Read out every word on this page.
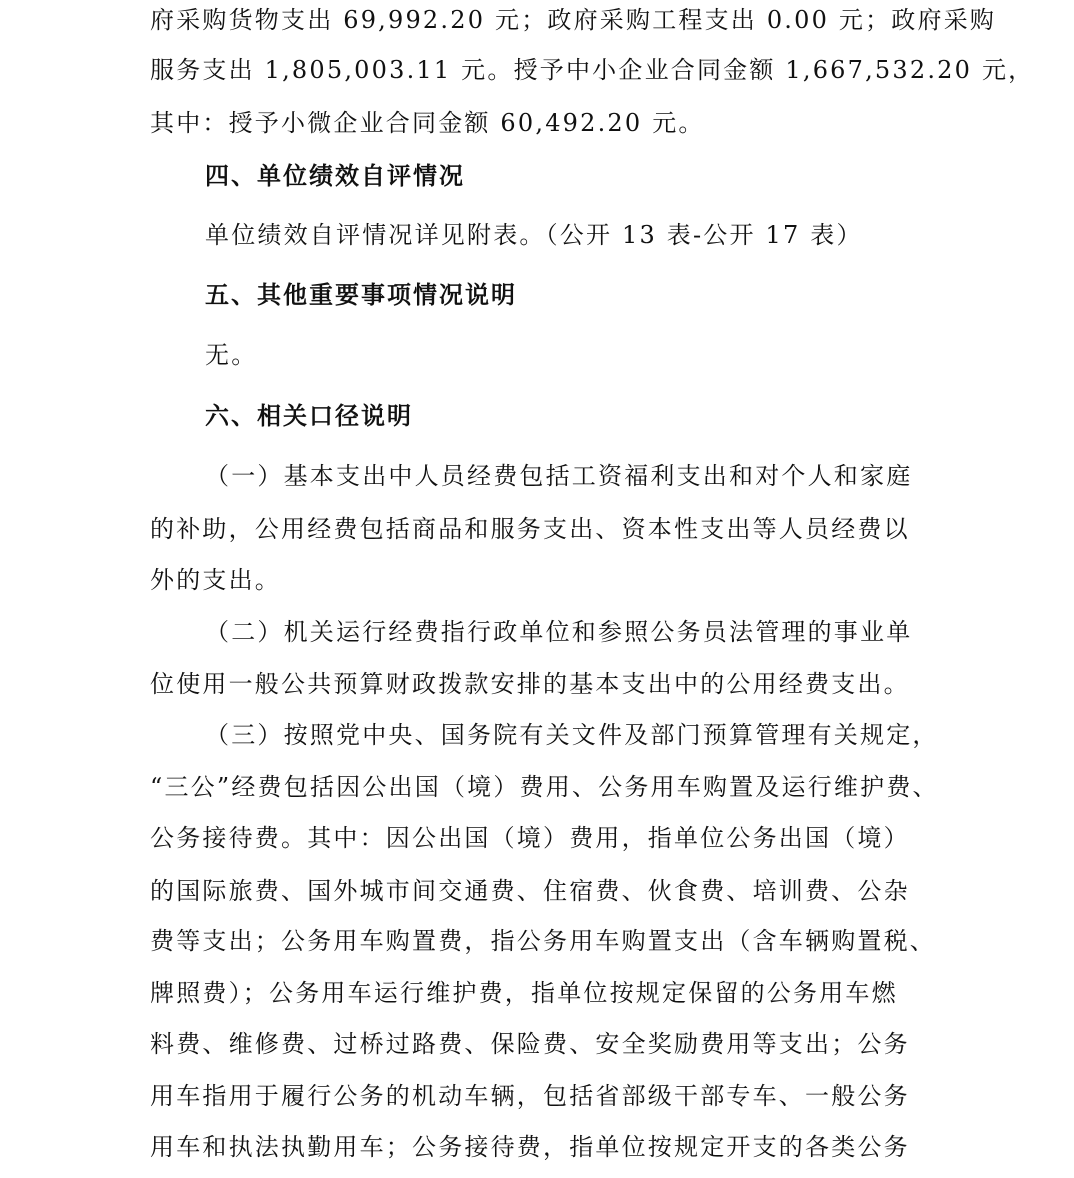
府采购货物支出 69,992.20 元；政府采购工程支出 0.00 元；政府采购
服务支出 1,805,003.11 元。授予中小企业合同金额 1,667,532.20 元，
其中：授予小微企业合同金额 60,492.20 元。
四、单位绩效自评情况
单位绩效自评情况详见附表。（公开 13 表-公开 17 表）
五、其他重要事项情况说明
无。
六、相关口径说明
（一）基本支出中人员经费包括工资福利支出和对个人和家庭
的补助，公用经费包括商品和服务支出、资本性支出等人员经费以
外的支出。
（二）机关运行经费指行政单位和参照公务员法管理的事业单
位使用一般公共预算财政拨款安排的基本支出中的公用经费支出。
（三）按照党中央、国务院有关文件及部门预算管理有关规定，
“三公”经费包括因公出国（境）费用、公务用车购置及运行维护费、
公务接待费。其中：因公出国（境）费用，指单位公务出国（境）
的国际旅费、国外城市间交通费、住宿费、伙食费、培训费、公杂
费等支出；公务用车购置费，指公务用车购置支出（含车辆购置税、
牌照费）；公务用车运行维护费，指单位按规定保留的公务用车燃
料费、维修费、过桥过路费、保险费、安全奖励费用等支出；公务
用车指用于履行公务的机动车辆，包括省部级干部专车、一般公务
用车和执法执勤用车；公务接待费，指单位按规定开支的各类公务
